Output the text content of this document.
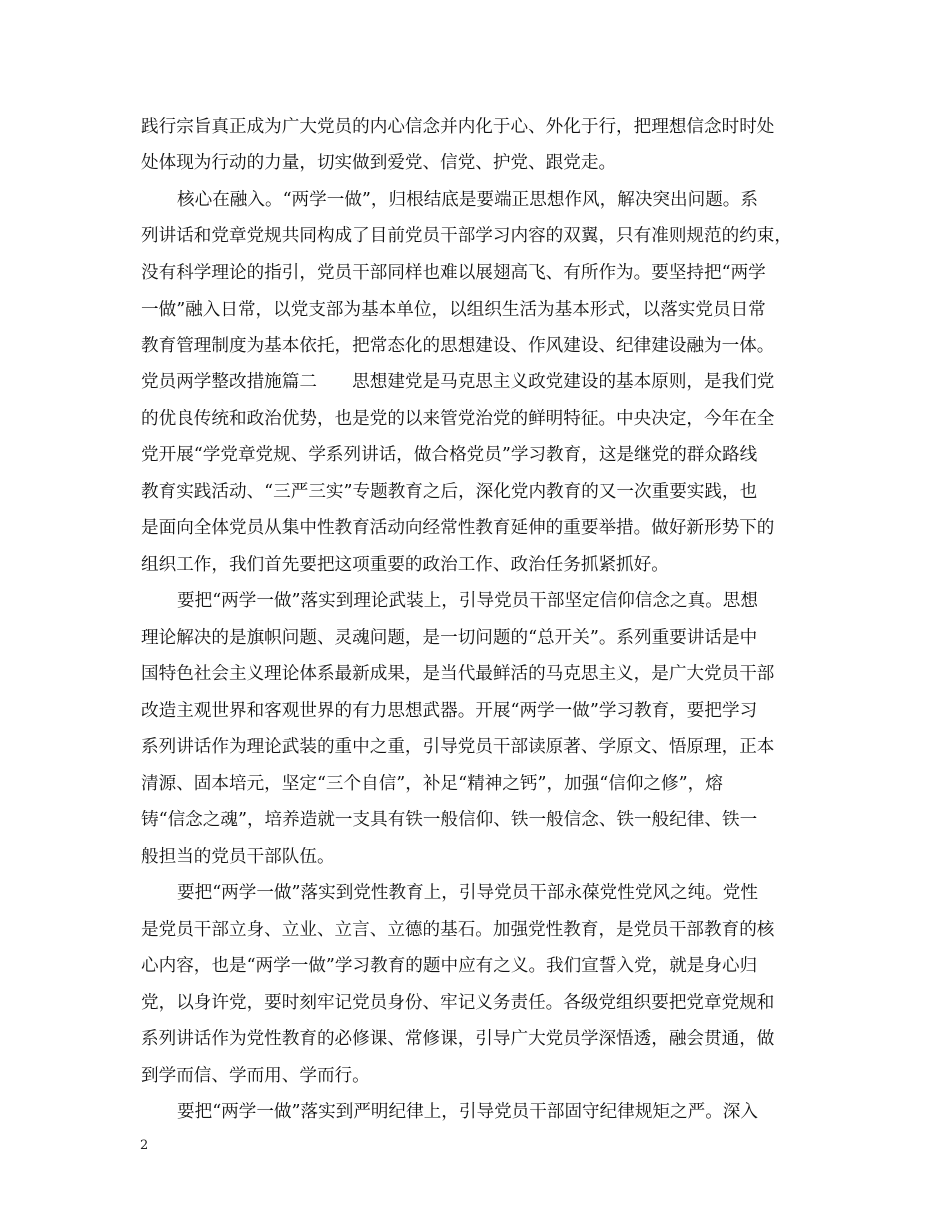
践行宗旨真正成为广大党员的内心信念并内化于心、外化于行，把理想信念时时处
处体现为行动的力量，切实做到爱党、信党、护党、跟党走。
核心在融入。“两学一做”，归根结底是要端正思想作风，解决突出问题。系
列讲话和党章党规共同构成了目前党员干部学习内容的双翼，只有准则规范的约束，
没有科学理论的指引，党员干部同样也难以展翅高飞、有所作为。要坚持把“两学
一做”融入日常，以党支部为基本单位，以组织生活为基本形式，以落实党员日常
教育管理制度为基本依托，把常态化的思想建设、作风建设、纪律建设融为一体。
党员两学整改措施篇二　　思想建党是马克思主义政党建设的基本原则，是我们党
的优良传统和政治优势，也是党的以来管党治党的鲜明特征。中央决定，今年在全
党开展“学党章党规、学系列讲话，做合格党员”学习教育，这是继党的群众路线
教育实践活动、“三严三实”专题教育之后，深化党内教育的又一次重要实践，也
是面向全体党员从集中性教育活动向经常性教育延伸的重要举措。做好新形势下的
组织工作，我们首先要把这项重要的政治工作、政治任务抓紧抓好。
要把“两学一做”落实到理论武装上，引导党员干部坚定信仰信念之真。思想
理论解决的是旗帜问题、灵魂问题，是一切问题的“总开关”。系列重要讲话是中
国特色社会主义理论体系最新成果，是当代最鲜活的马克思主义，是广大党员干部
改造主观世界和客观世界的有力思想武器。开展“两学一做”学习教育，要把学习
系列讲话作为理论武装的重中之重，引导党员干部读原著、学原文、悟原理，正本
清源、固本培元，坚定“三个自信”，补足“精神之钙”，加强“信仰之修”，熔
铸“信念之魂”，培养造就一支具有铁一般信仰、铁一般信念、铁一般纪律、铁一
般担当的党员干部队伍。
要把“两学一做”落实到党性教育上，引导党员干部永葆党性党风之纯。党性
是党员干部立身、立业、立言、立德的基石。加强党性教育，是党员干部教育的核
心内容，也是“两学一做”学习教育的题中应有之义。我们宣誓入党，就是身心归
党，以身许党，要时刻牢记党员身份、牢记义务责任。各级党组织要把党章党规和
系列讲话作为党性教育的必修课、常修课，引导广大党员学深悟透，融会贯通，做
到学而信、学而用、学而行。
要把“两学一做”落实到严明纪律上，引导党员干部固守纪律规矩之严。深入
2
